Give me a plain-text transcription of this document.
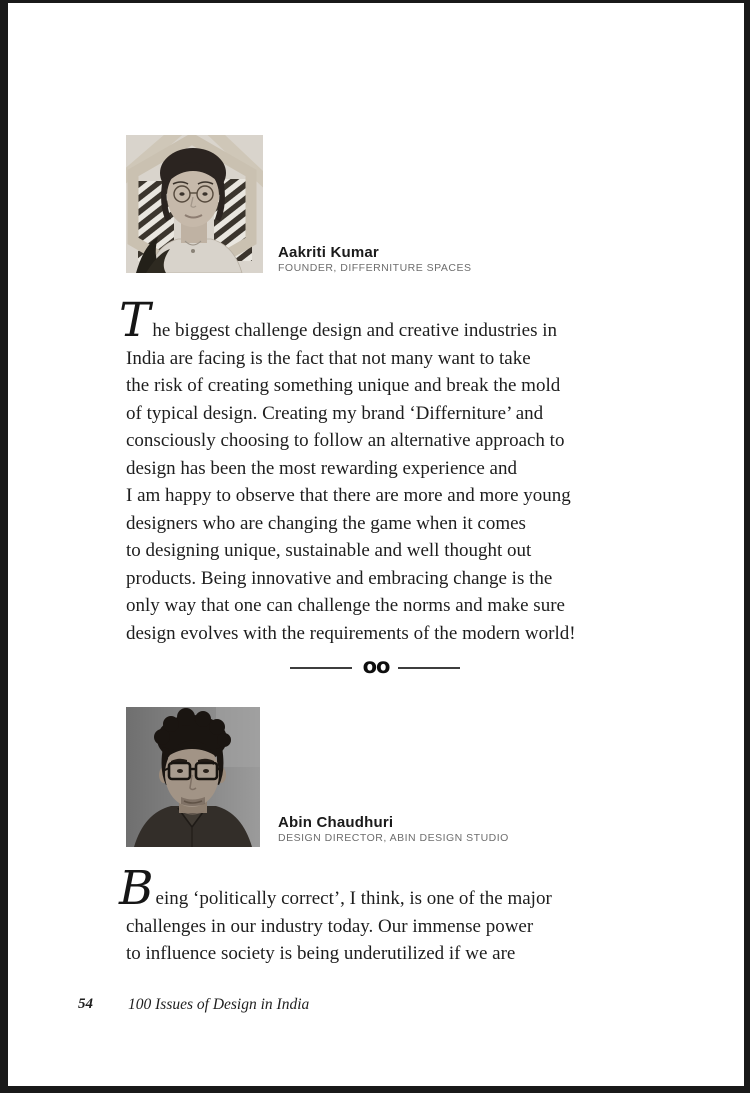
Aakriti Kumar
FOUNDER, DIFFERNITURE SPACES
The biggest challenge design and creative industries in
India are facing is the fact that not many want to take
the risk of creating something unique and break the mold
of typical design. Creating my brand ‘Differniture’ and
consciously choosing to follow an alternative approach to
design has been the most rewarding experience and
I am happy to observe that there are more and more young
designers who are changing the game when it comes
to designing unique, sustainable and well thought out
products. Being innovative and embracing change is the
only way that one can challenge the norms and make sure
design evolves with the requirements of the modern world!
oo
Abin Chaudhuri
DESIGN DIRECTOR, ABIN DESIGN STUDIO
Being ‘politically correct’, I think, is one of the major
challenges in our industry today. Our immense power
to influence society is being underutilized if we are
54 100 Issues of Design in India
